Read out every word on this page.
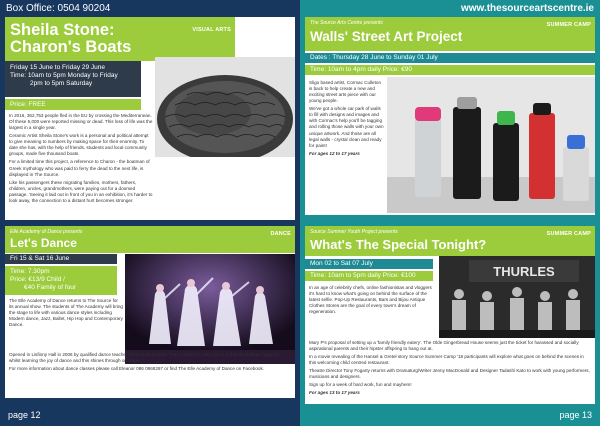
Box Office: 0504 90204
Sheila Stone:
Charon's Boats
VISUAL ARTS
Friday 15 June to Friday 29 June
Time: 10am to 5pm Monday to Friday
2pm to 5pm Saturday
Price: FREE

In 2016, 362,753 people fled in the EU by crossing the Mediterranean. Of these 5,000 were reported missing or dead. This loss of life was the largest in a single year.

Ceramic Artist Sheila Stone's work is a personal and political attempt to give meaning to numbers by making space for their enormity. To date she has, with the help of friends, students and local community groups, made five thousand boats.

For a limited time this project, a reference to Charon - the boatman of Greek mythology who was paid to ferry the dead to the next life, is displayed in The Source.

Like his passengers these migrating families, mothers, fathers, children, uncles, grandmothers, were paying out for a doomed passage. 'Seeing it laid out in front of you in an exhibition, it's harder to look away, the connection to a distant hurt becomes stronger.

Elle Academy of Dance presents	DANCE
Let's Dance
Fri 15 & Sat 16 June
Time: 7.30pm
Price: €13/9 Child /
€40 Family of four

The Elle Academy of Dance returns to The Source for its annual show. The students of The Academy will bring the stage to life with various dance styles including Modern dance, Jazz, Ballet, Hip Hop and Contemporary Dance.

Opened in Lisfinny Hall in 2006 by qualified dance teacher Eleanor Brannigan. The Academy's main focus is that all children have fun whilst learning the joy of dance and this shines through on stage.

For more information about dance classes please call Eleanor 086 0868297 or find The Elle Academy of Dance on Facebook.

page 12
www.thesourceartscentre.ie
The Source Arts Centre presents	SUMMER CAMP
Walls' Street Art Project
Dates : Thursday 28 June to Sunday 01 July
Time: 10am to 4pm daily Price: €90

Sligo based artist, Cormac Culleton is back to help create a new and exciting street arts piece with our young people.

We've got a whole car park of walls to fill with designs and images and with Cormac's help you'll be tagging and rolling those walls with your own unique artwork. And those are all legal walls - crystal clean and ready for paint!

For ages 12 to 17 years

Source Summer Youth Project presents	SUMMER CAMP
What's The Special Tonight?
Mon 02 to Sat 07 July
Time: 10am to 5pm daily Price: €100	THURLES

In an age of celebrity chefs, online fashionistas and vloggers it's hard to know what's going on behind the surface of the latest selfie. Pop-Up Restaurants, Bars and Bijou Antique Clothes Stores are the goal of every town's dream of regeneration.

Mary P's proposal of setting up a 'family friendly eatery'. The Olde Gingerbread House seems just the ticket for harassed and socially aspirational parents and their hipster offspring to hang out at.

In a movie revealing of the Hansel & Gretel story Source Summer Camp '18 participants will explore what goes on behind the scenes in this welcoming child centred restaurant.

Theatre Director Tony Fogarty returns with Dramaturg/Writer Jenny MacDonald and Designer Tadashi Kato to work with young performers, musicians and designers.

Sign up for a week of hard work, fun and mayhem!

For ages 13 to 17 years

page 13
